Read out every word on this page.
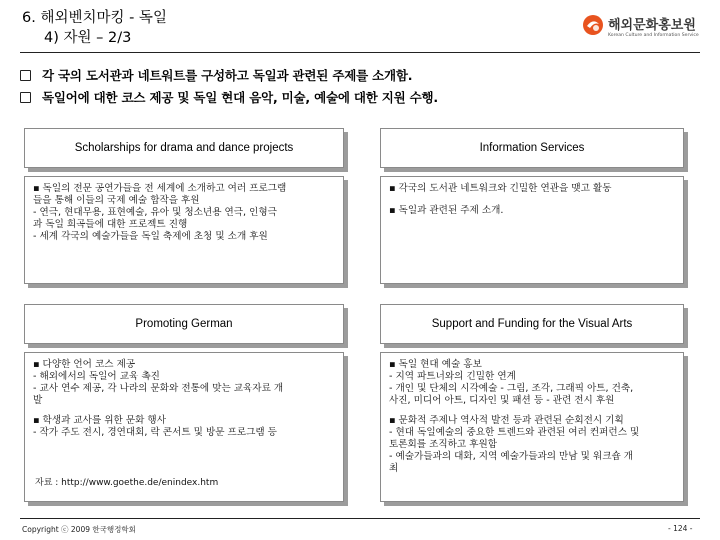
6. 해외벤치마킹 - 독일
4) 자원 – 2/3
해외문화홍보원
Korean Culture and Information Service
각 국의 도서관과 네트워트를 구성하고 독일과 관련된 주제를 소개함.
독일어에 대한 코스 제공 및 독일 현대 음악, 미술, 예술에 대한 지원 수행.
Scholarships for drama and dance projects
▪ 독일의 전문 공연가들을 전 세계에 소개하고 여러 프로그램
들을 통해 이들의 국제 예술 합작을 후원
- 연극, 현대무용, 표현예술, 유아 및 청소년용 연극, 인형극
과 독일 희곡들에 대한 프로젝트 진행
- 세계 각국의 예술가들을 독일 축제에 초청 및 소개 후원
Information Services
▪ 각국의 도서관 네트워크와 긴밀한 연관을 맺고 활동
▪ 독일과 관련된 주제 소개.
Promoting German
▪ 다양한 언어 코스 제공
- 해외에서의 독일어 교육 촉진
- 교사 연수 제공, 각 나라의 문화와 전통에 맞는 교육자료 개
발
▪ 학생과 교사를 위한 문화 행사
- 작가 주도 전시, 경연대회, 락 콘서트 및 방문 프로그램 등
자료 : http://www.goethe.de/enindex.htm
Support and Funding for the Visual Arts
▪ 독일 현대 예술 홍보
- 지역 파트너와의 긴밀한 연계
- 개인 및 단체의 시각예술 - 그림, 조각, 그래픽 아트, 건축,
사진, 미디어 아트, 디자인 및 패션 등 - 관련 전시 후원
▪ 문화적 주제나 역사적 발전 등과 관련된 순회전시 기획
- 현대 독일예술의 중요한 트렌드와 관련된 여러 컨퍼런스 및
토론회를 조직하고 후원함
- 예술가들과의 대화, 지역 예술가들과의 만남 및 워크숍 개
최
Copyright ⓒ 2009 한국행정학회	- 124 -
